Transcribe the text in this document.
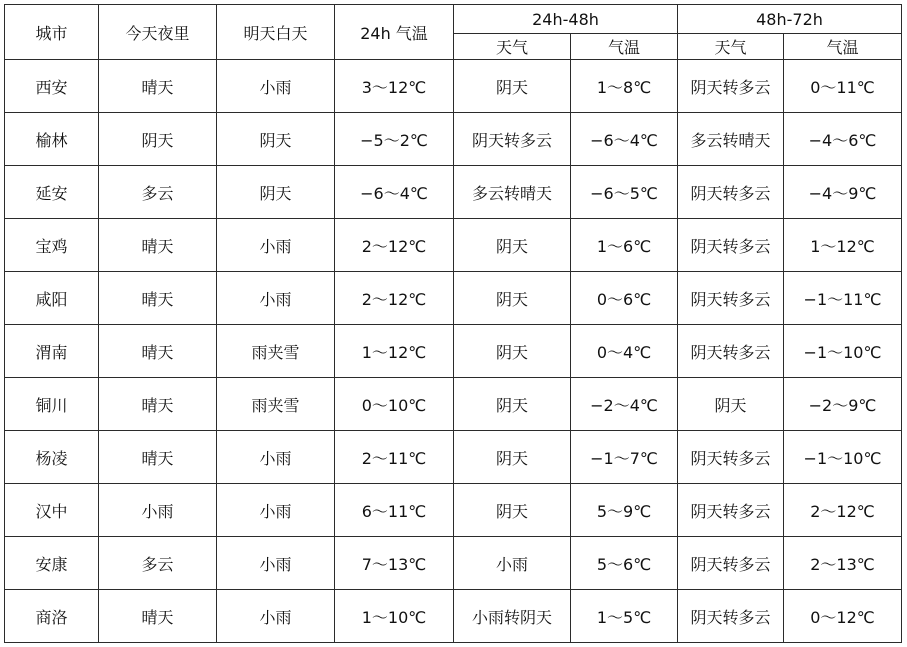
城市	今天夜里	明天白天	24h 气温	24h-48h		48h-72h	
				天气	气温	天气	气温
西安	晴天	小雨	3～12℃	阴天	1～8℃	阴天转多云	0～11℃
榆林	阴天	阴天	−5～2℃	阴天转多云	−6～4℃	多云转晴天	−4～6℃
延安	多云	阴天	−6～4℃	多云转晴天	−6～5℃	阴天转多云	−4～9℃
宝鸡	晴天	小雨	2～12℃	阴天	1～6℃	阴天转多云	1～12℃
咸阳	晴天	小雨	2～12℃	阴天	0～6℃	阴天转多云	−1～11℃
渭南	晴天	雨夹雪	1～12℃	阴天	0～4℃	阴天转多云	−1～10℃
铜川	晴天	雨夹雪	0～10℃	阴天	−2～4℃	阴天	−2～9℃
杨凌	晴天	小雨	2～11℃	阴天	−1～7℃	阴天转多云	−1～10℃
汉中	小雨	小雨	6～11℃	阴天	5～9℃	阴天转多云	2～12℃
安康	多云	小雨	7～13℃	小雨	5～6℃	阴天转多云	2～13℃
商洛	晴天	小雨	1～10℃	小雨转阴天	1～5℃	阴天转多云	0～12℃
